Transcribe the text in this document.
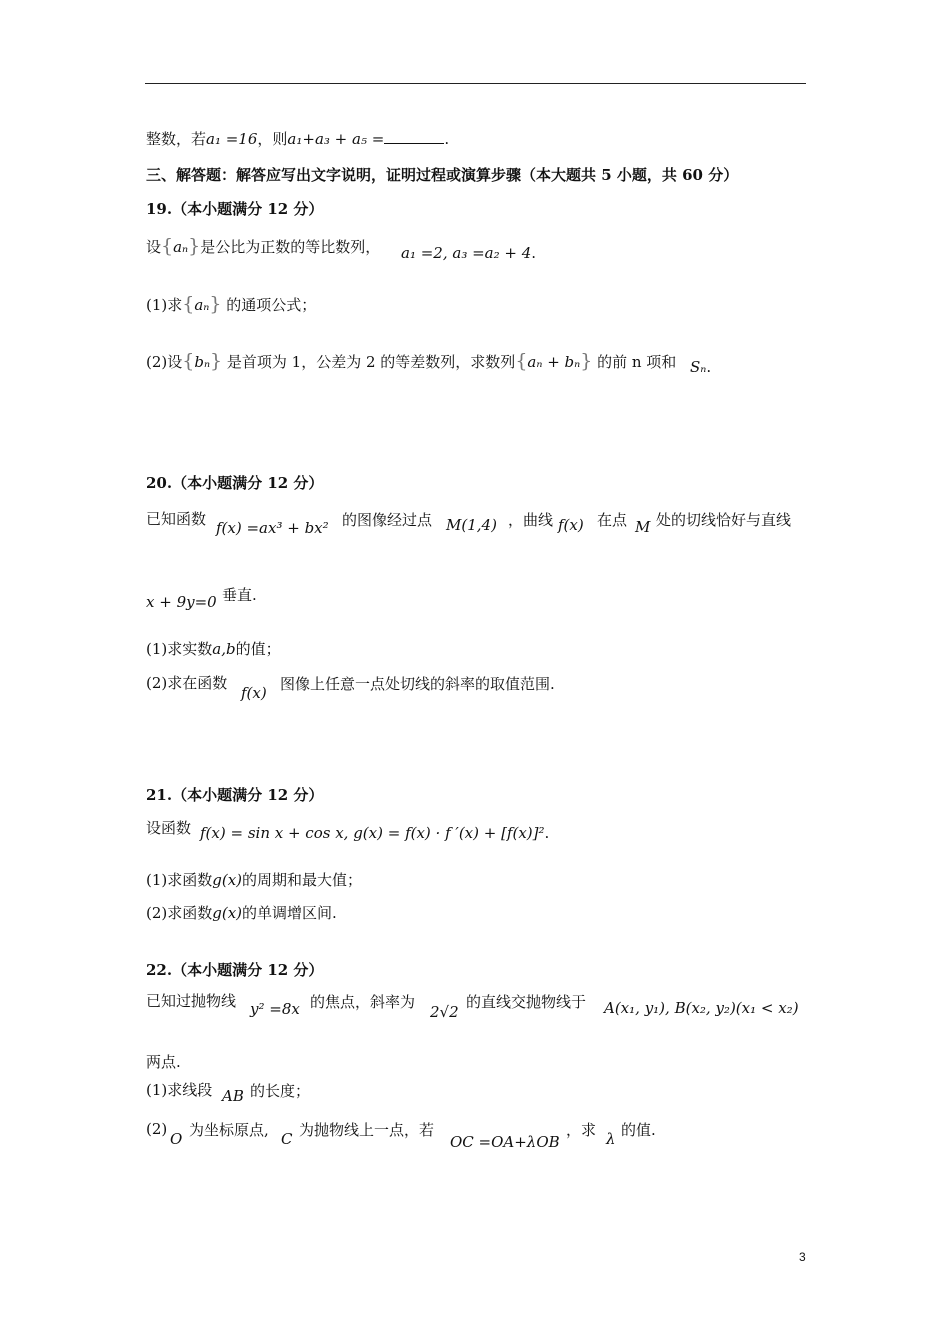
整数，若a₁ =16，则a₁+a₃ + a₅ =	.
三、解答题：解答应写出文字说明，证明过程或演算步骤（本大题共 5 小题，共 60 分）
19.（本小题满分 12 分）
设{aₙ}是公比为正数的等比数列， a₁ =2, a₃ =a₂ + 4.
(1)求{aₙ} 的通项公式；
(2)设{bₙ} 是首项为 1，公差为 2 的等差数列，求数列{aₙ + bₙ} 的前 n 项和 Sₙ.
20.（本小题满分 12 分）
已知函数 f(x) =ax³ + bx² 的图像经过点 M(1,4) ，曲线 f(x) 在点 M 处的切线恰好与直线
x + 9y=0 垂直.
(1)求实数a,b的值；
(2)求在函数
f(x) 图像上任意一点处切线的斜率的取值范围.
21.（本小题满分 12 分）
设函数 f(x) = sin x + cos x, g(x) = f(x) · f ′(x) + [f(x)]².
(1)求函数g(x)的周期和最大值；
(2)求函数g(x)的单调增区间.
22.（本小题满分 12 分）
已知过抛物线 y² =8x 的焦点，斜率为
2√2
的直线交抛物线于 A(x₁, y₁), B(x₂, y₂)(x₁ < x₂)
两点.
(1)求线段 AB 的长度；
(2)
O 为坐标原点, C 为抛物线上一点，若
OC =OA+λOB
，求 λ 的值.
3
